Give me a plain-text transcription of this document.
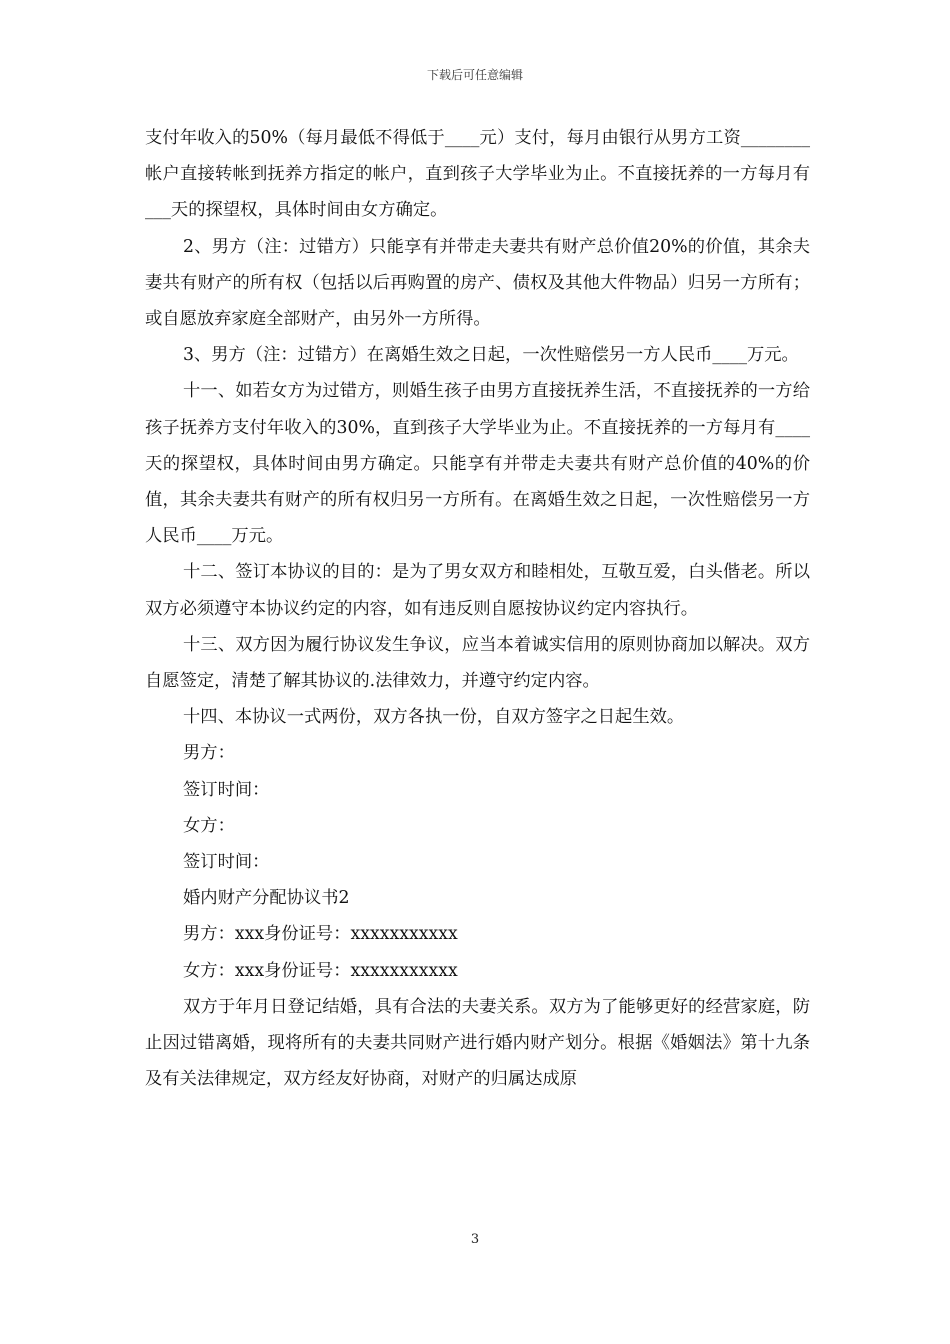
下载后可任意编辑

支付年收入的50%（每月最低不得低于____元）支付，每月由银行从男方工资________帐户直接转帐到抚养方指定的帐户，直到孩子大学毕业为止。不直接抚养的一方每月有___天的探望权，具体时间由女方确定。

2、男方（注：过错方）只能享有并带走夫妻共有财产总价值20%的价值，其余夫妻共有财产的所有权（包括以后再购置的房产、债权及其他大件物品）归另一方所有；或自愿放弃家庭全部财产，由另外一方所得。

3、男方（注：过错方）在离婚生效之日起，一次性赔偿另一方人民币____万元。

十一、如若女方为过错方，则婚生孩子由男方直接抚养生活，不直接抚养的一方给孩子抚养方支付年收入的30%，直到孩子大学毕业为止。不直接抚养的一方每月有____天的探望权，具体时间由男方确定。只能享有并带走夫妻共有财产总价值的40%的价值，其余夫妻共有财产的所有权归另一方所有。在离婚生效之日起，一次性赔偿另一方人民币____万元。

十二、签订本协议的目的：是为了男女双方和睦相处，互敬互爱，白头偕老。所以双方必须遵守本协议约定的内容，如有违反则自愿按协议约定内容执行。

十三、双方因为履行协议发生争议，应当本着诚实信用的原则协商加以解决。双方自愿签定，清楚了解其协议的.法律效力，并遵守约定内容。

十四、本协议一式两份，双方各执一份，自双方签字之日起生效。

男方：

签订时间：

女方：

签订时间：

婚内财产分配协议书2

男方：xxx身份证号：xxxxxxxxxxx

女方：xxx身份证号：xxxxxxxxxxx

双方于年月日登记结婚，具有合法的夫妻关系。双方为了能够更好的经营家庭，防止因过错离婚，现将所有的夫妻共同财产进行婚内财产划分。根据《婚姻法》第十九条及有关法律规定，双方经友好协商，对财产的归属达成原

3
